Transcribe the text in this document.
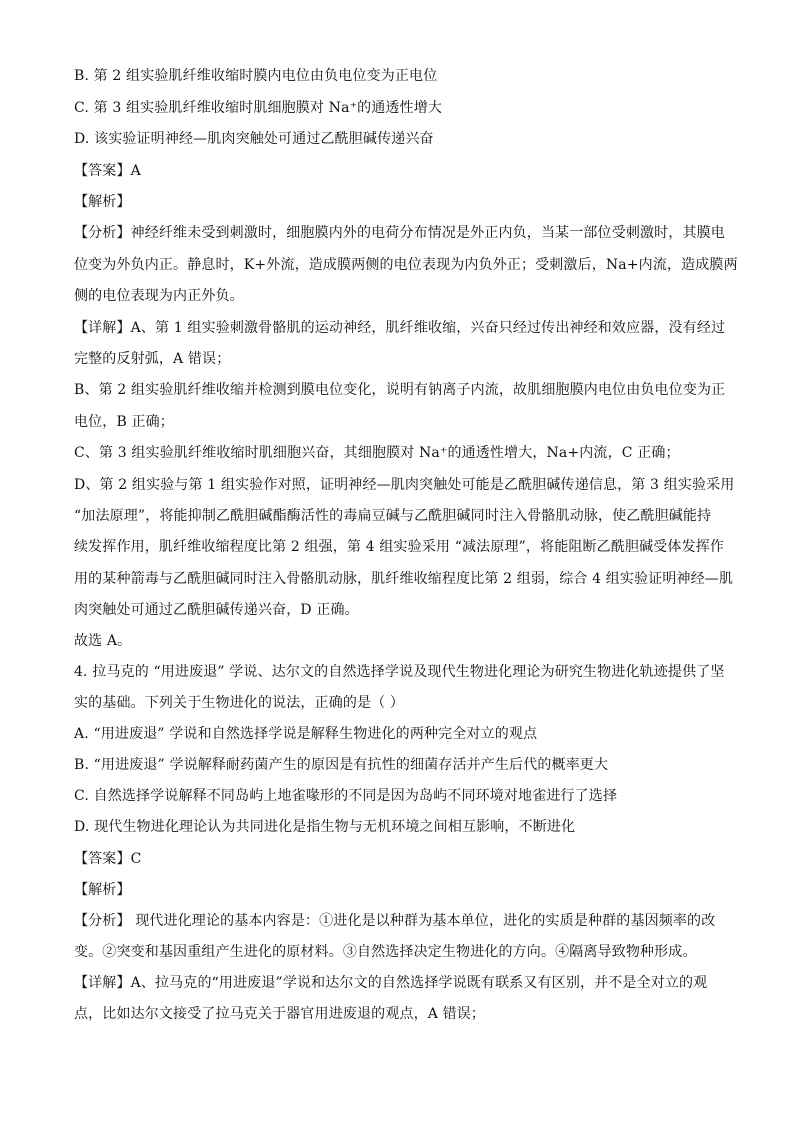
B. 第 2 组实验肌纤维收缩时膜内电位由负电位变为正电位
C. 第 3 组实验肌纤维收缩时肌细胞膜对 Na⁺的通透性增大
D. 该实验证明神经—肌肉突触处可通过乙酰胆碱传递兴奋
【答案】A
【解析】
【分析】神经纤维未受到刺激时，细胞膜内外的电荷分布情况是外正内负，当某一部位受刺激时，其膜电
位变为外负内正。静息时，K+外流，造成膜两侧的电位表现为内负外正；受刺激后，Na+内流，造成膜两
侧的电位表现为内正外负。
【详解】A、第 1 组实验刺激骨骼肌的运动神经，肌纤维收缩，兴奋只经过传出神经和效应器，没有经过
完整的反射弧，A 错误；
B、第 2 组实验肌纤维收缩并检测到膜电位变化，说明有钠离子内流，故肌细胞膜内电位由负电位变为正
电位，B 正确；
C、第 3 组实验肌纤维收缩时肌细胞兴奋，其细胞膜对 Na⁺的通透性增大，Na+内流，C 正确；
D、第 2 组实验与第 1 组实验作对照，证明神经—肌肉突触处可能是乙酰胆碱传递信息，第 3 组实验采用
“加法原理”，将能抑制乙酰胆碱酯酶活性的毒扁豆碱与乙酰胆碱同时注入骨骼肌动脉，使乙酰胆碱能持
续发挥作用，肌纤维收缩程度比第 2 组强，第 4 组实验采用 “减法原理”，将能阻断乙酰胆碱受体发挥作
用的某种箭毒与乙酰胆碱同时注入骨骼肌动脉，肌纤维收缩程度比第 2 组弱，综合 4 组实验证明神经—肌
肉突触处可通过乙酰胆碱传递兴奋，D 正确。
故选 A。
4. 拉马克的 “用进废退” 学说、达尔文的自然选择学说及现代生物进化理论为研究生物进化轨迹提供了坚
实的基础。下列关于生物进化的说法，正确的是（ ）
A. “用进废退” 学说和自然选择学说是解释生物进化的两种完全对立的观点
B. “用进废退” 学说解释耐药菌产生的原因是有抗性的细菌存活并产生后代的概率更大
C. 自然选择学说解释不同岛屿上地雀喙形的不同是因为岛屿不同环境对地雀进行了选择
D. 现代生物进化理论认为共同进化是指生物与无机环境之间相互影响，不断进化
【答案】C
【解析】
【分析】 现代进化理论的基本内容是：①进化是以种群为基本单位，进化的实质是种群的基因频率的改
变。②突变和基因重组产生进化的原材料。③自然选择决定生物进化的方向。④隔离导致物种形成。
【详解】A、拉马克的“用进废退”学说和达尔文的自然选择学说既有联系又有区别，并不是全对立的观
点，比如达尔文接受了拉马克关于器官用进废退的观点，A 错误；
